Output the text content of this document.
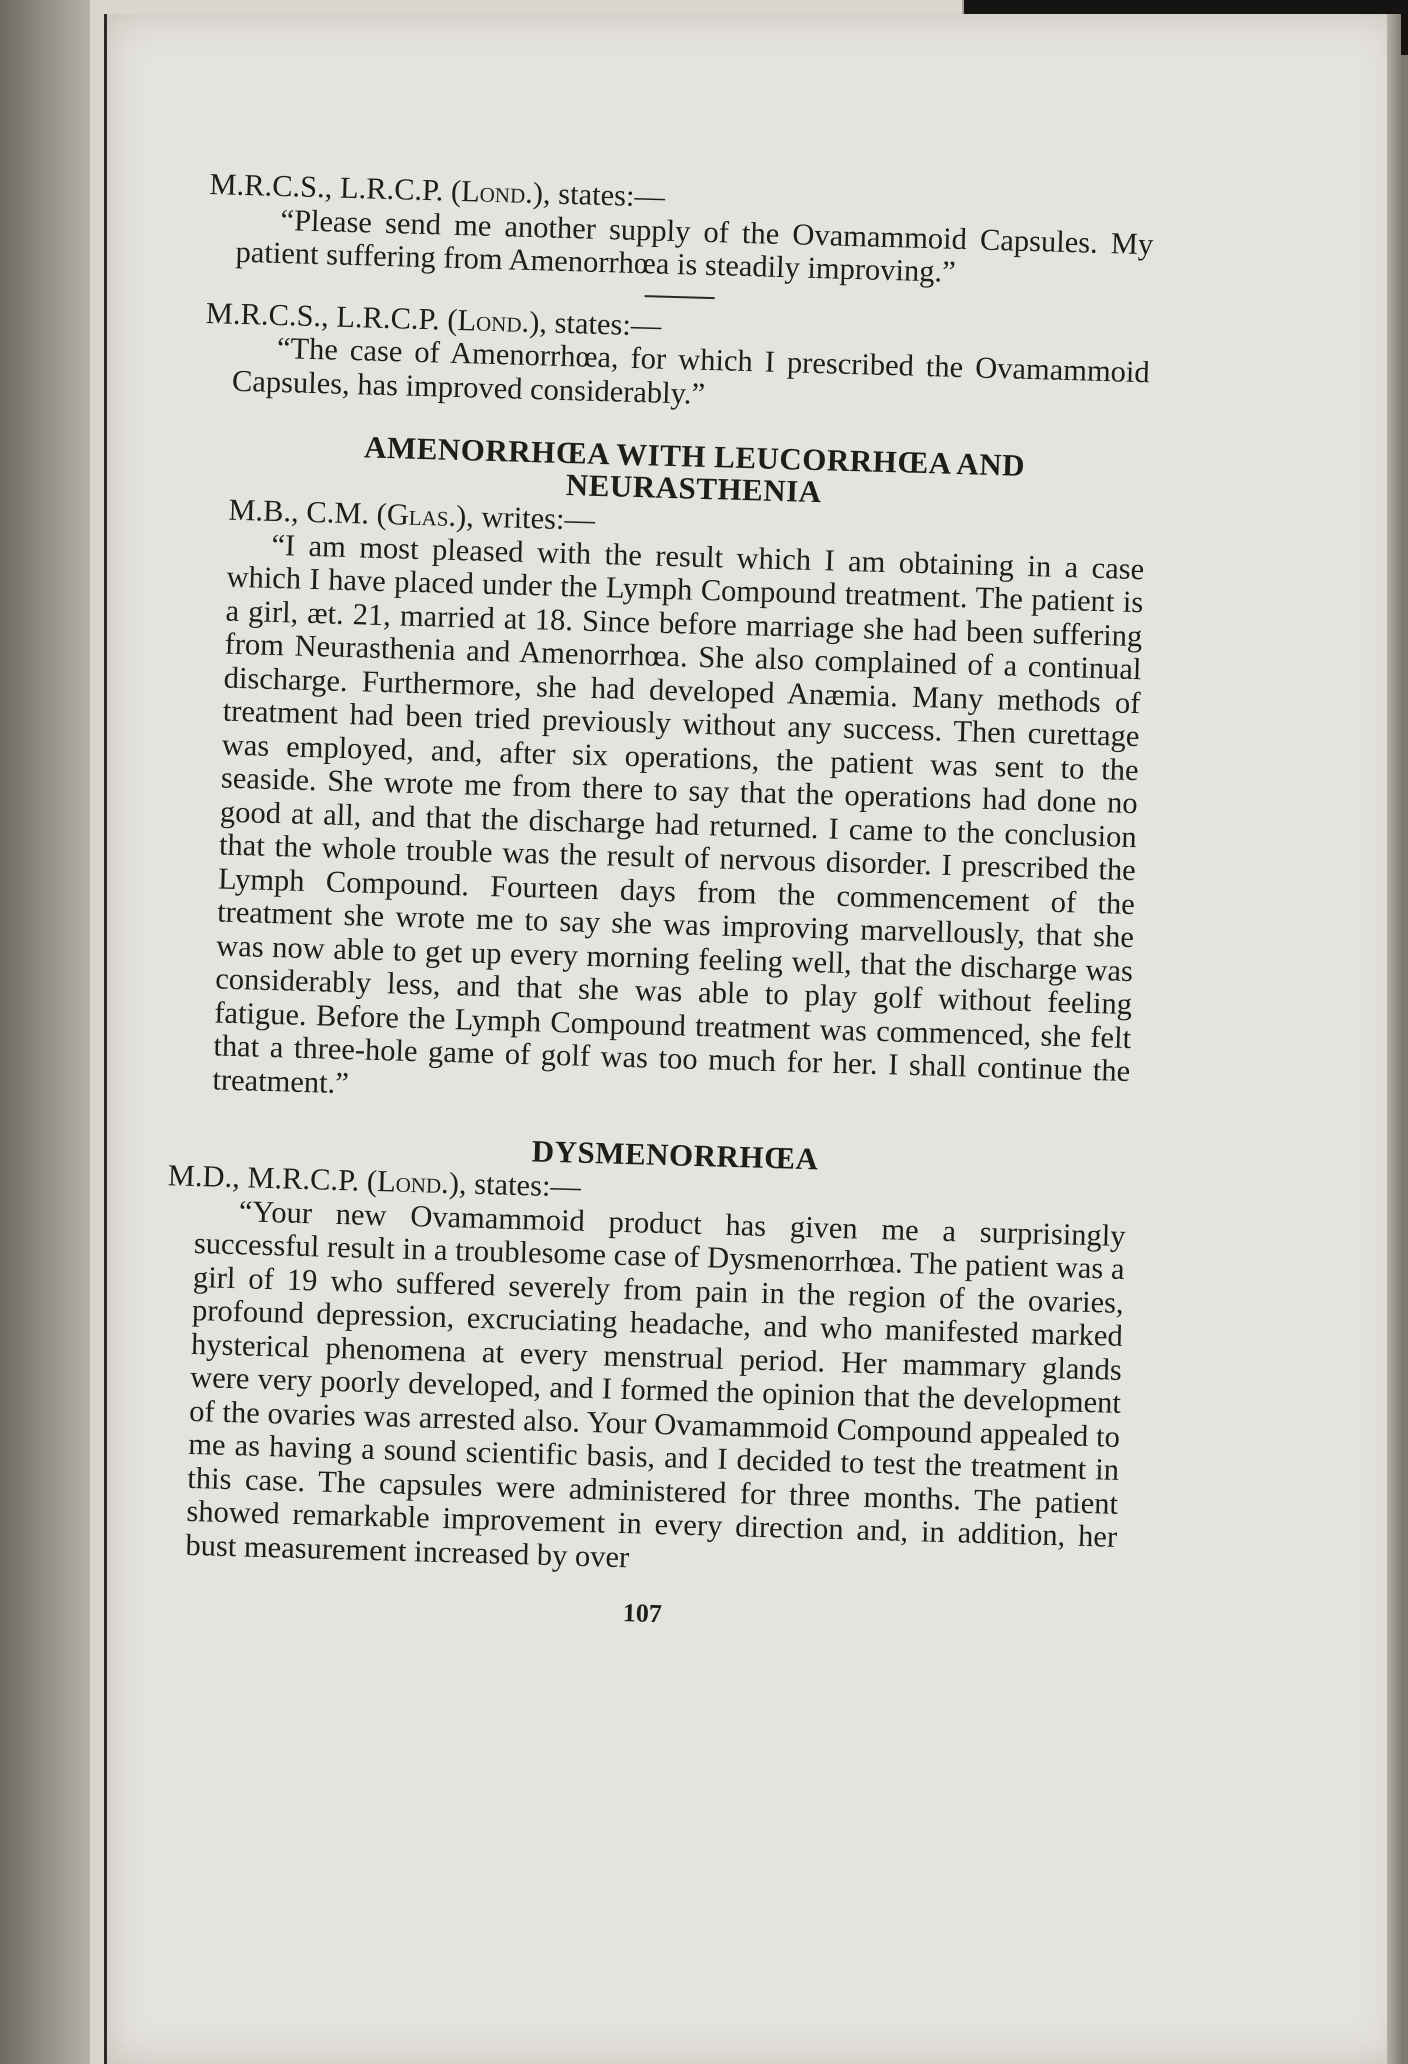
M.R.C.S., L.R.C.P. (Lond.), states:—

“Please send me another supply of the Ovamammoid Capsules. My patient suffering from Amenorrhœa is steadily improving.”

M.R.C.S., L.R.C.P. (Lond.), states:—

“The case of Amenorrhœa, for which I prescribed the Ovamammoid Capsules, has improved considerably.”

AMENORRHŒA WITH LEUCORRHŒA AND NEURASTHENIA

M.B., C.M. (Glas.), writes:—

“I am most pleased with the result which I am obtaining in a case which I have placed under the Lymph Compound treatment. The patient is a girl, æt. 21, married at 18. Since before marriage she had been suffering from Neurasthenia and Amenorrhœa. She also complained of a continual discharge. Furthermore, she had developed Anæmia. Many methods of treatment had been tried previously without any success. Then curettage was employed, and, after six operations, the patient was sent to the seaside. She wrote me from there to say that the operations had done no good at all, and that the discharge had returned. I came to the conclusion that the whole trouble was the result of nervous disorder. I prescribed the Lymph Compound. Fourteen days from the commencement of the treatment she wrote me to say she was improving marvellously, that she was now able to get up every morning feeling well, that the discharge was considerably less, and that she was able to play golf without feeling fatigue. Before the Lymph Compound treatment was commenced, she felt that a three-hole game of golf was too much for her. I shall continue the treatment.”

DYSMENORRHŒA

M.D., M.R.C.P. (Lond.), states:—

“Your new Ovamammoid product has given me a surprisingly successful result in a troublesome case of Dysmenorrhœa. The patient was a girl of 19 who suffered severely from pain in the region of the ovaries, profound depression, excruciating headache, and who manifested marked hysterical phenomena at every menstrual period. Her mammary glands were very poorly developed, and I formed the opinion that the development of the ovaries was arrested also. Your Ovamammoid Compound appealed to me as having a sound scientific basis, and I decided to test the treatment in this case. The capsules were administered for three months. The patient showed remarkable improvement in every direction and, in addition, her bust measurement increased by over

107
